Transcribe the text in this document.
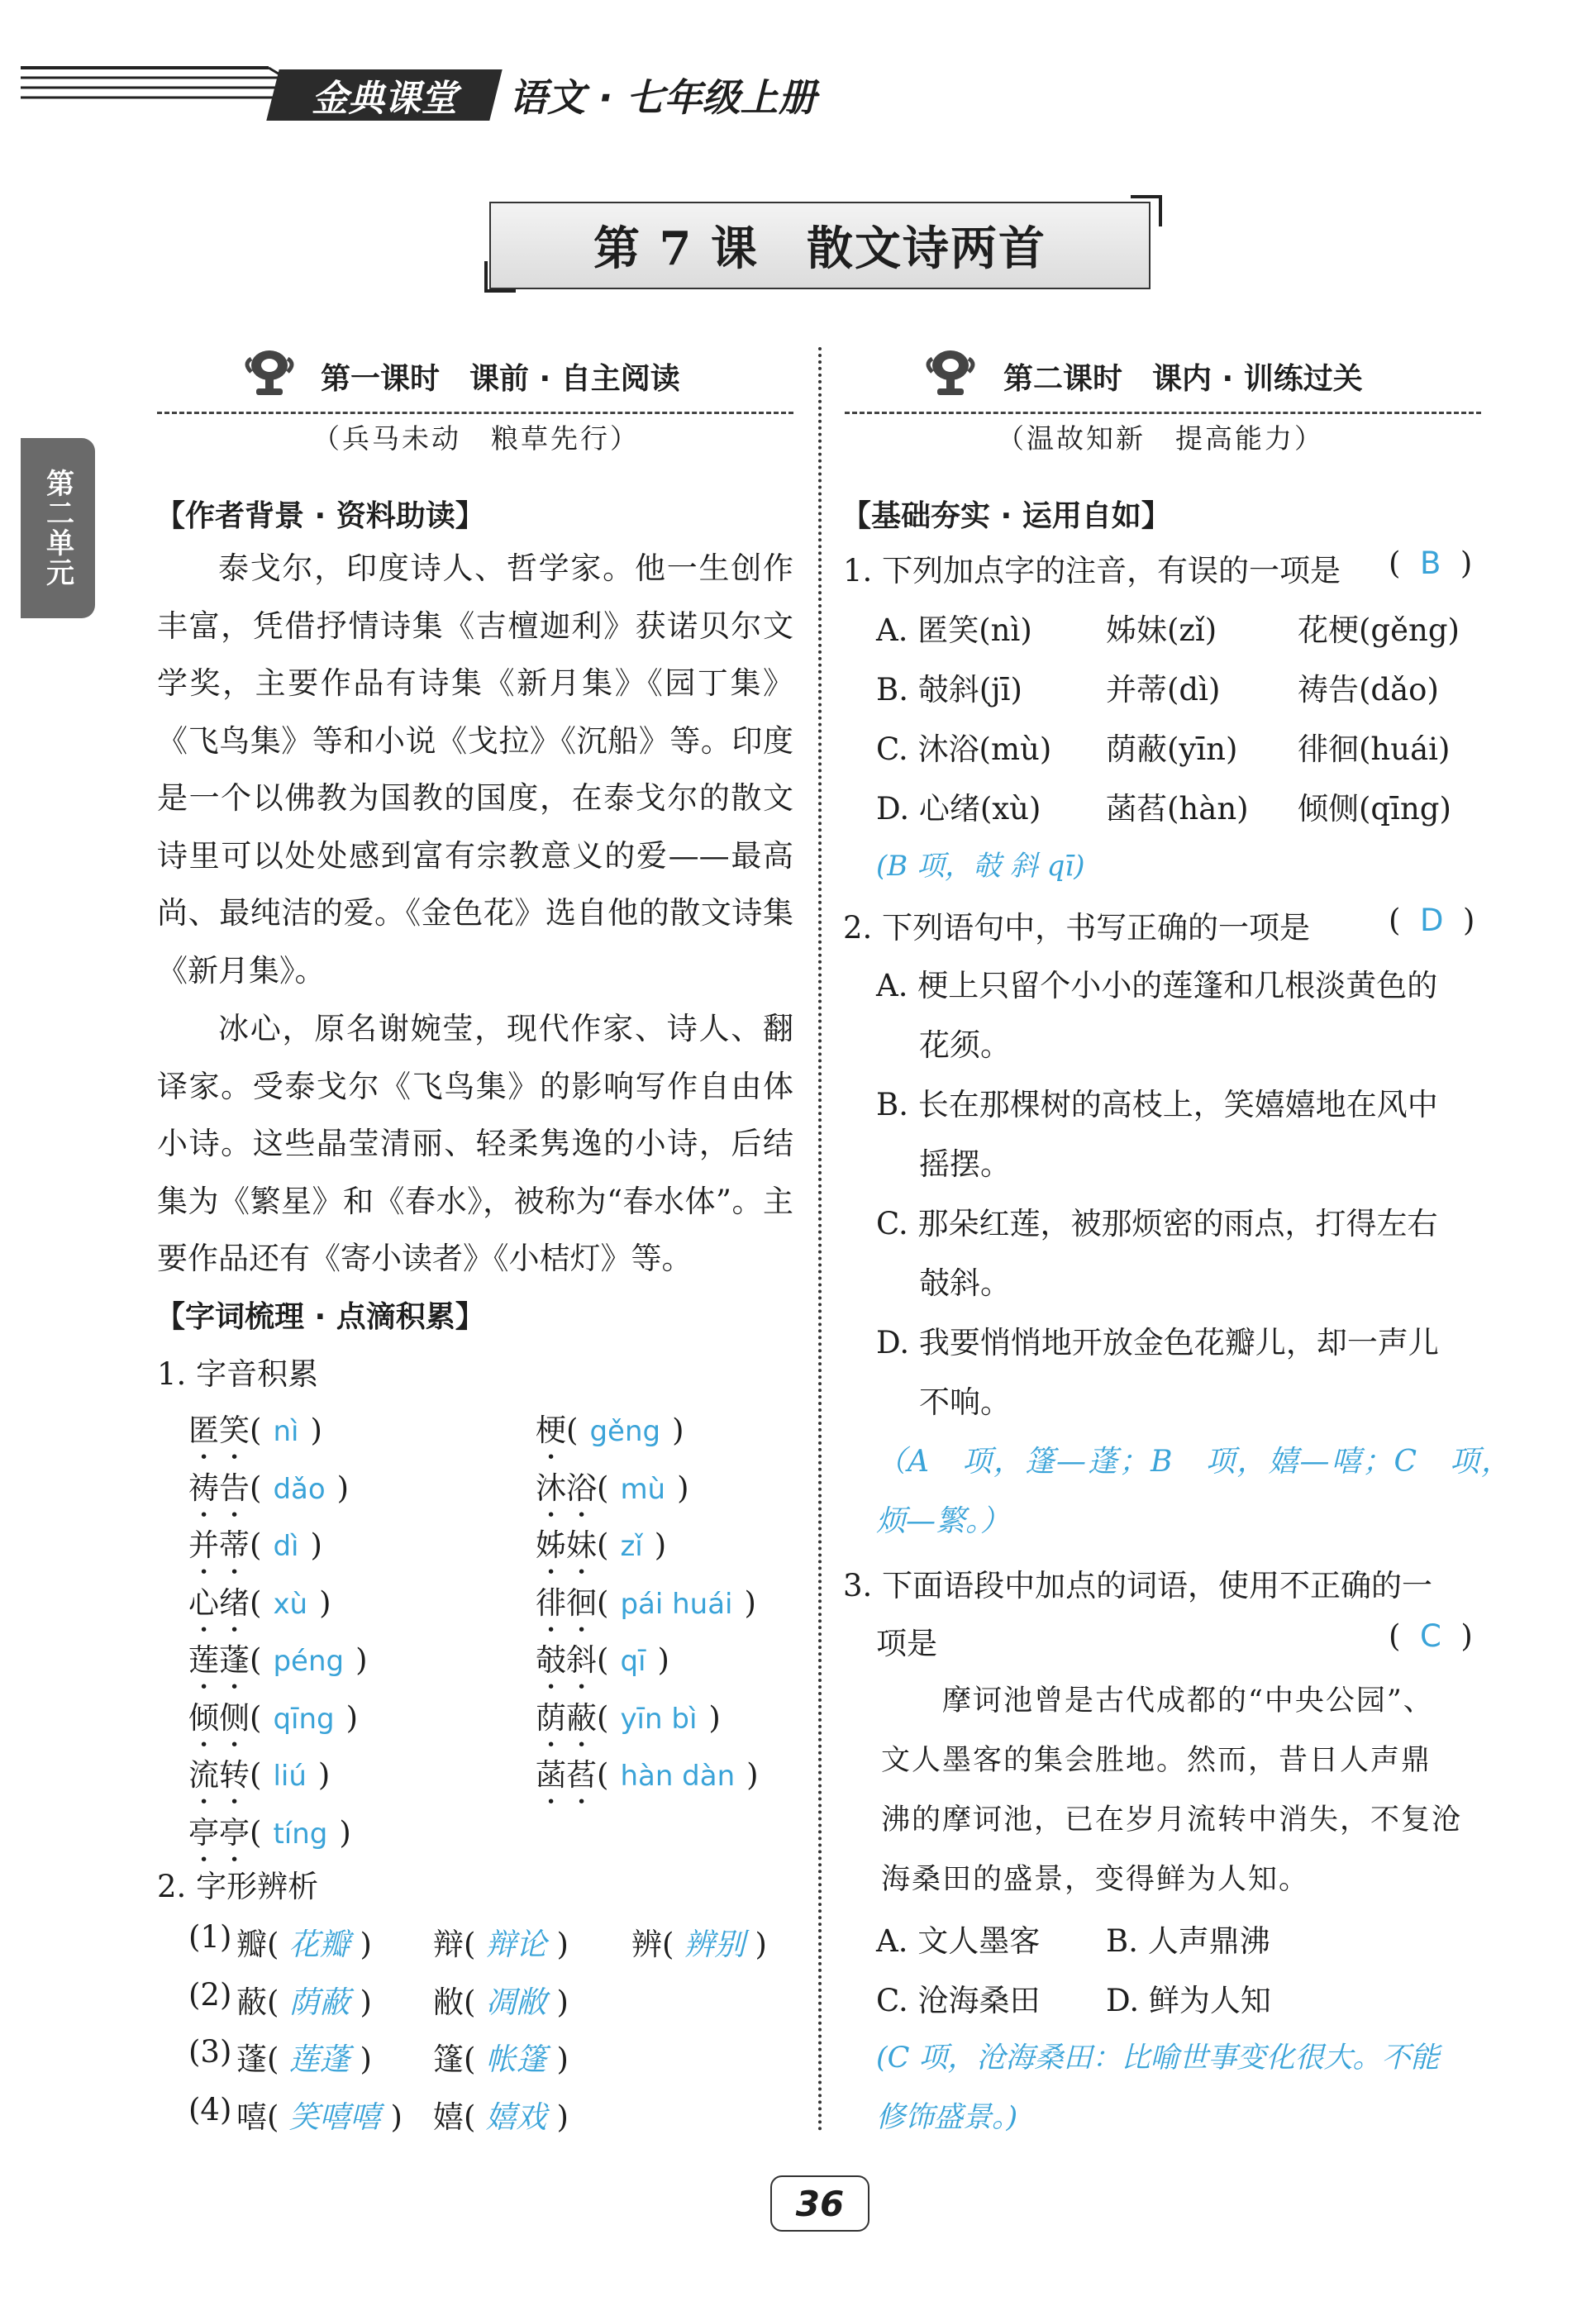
金典课堂 语文 · 七年级上册
第 7 课　散文诗两首
第二单元
第一课时　课前 · 自主阅读
（兵马未动　粮草先行）
【作者背景 · 资料助读】
泰戈尔，印度诗人、哲学家。他一生创作丰富，凭借抒情诗集《吉檀迦利》获诺贝尔文学奖，主要作品有诗集《新月集》《园丁集》《飞鸟集》等和小说《戈拉》《沉船》等。印度是一个以佛教为国教的国度，在泰戈尔的散文诗里可以处处感到富有宗教意义的爱——最高尚、最纯洁的爱。《金色花》选自他的散文诗集《新月集》。
冰心，原名谢婉莹，现代作家、诗人、翻译家。受泰戈尔《飞鸟集》的影响写作自由体小诗。这些晶莹清丽、轻柔隽逸的小诗，后结集为《繁星》和《春水》，被称为“春水体”。主要作品还有《寄小读者》《小桔灯》等。
【字词梳理 · 点滴积累】
1. 字音积累
匿笑( nì )	梗( gěng )
祷告( dǎo )	沐浴( mù )
并蒂( dì )	姊妹( zǐ )
心绪( xù )	徘徊( pái huái )
莲蓬( péng )	攲斜( qī )
倾侧( qīng )	荫蔽( yīn bì )
流转( liú )	菡萏( hàn dàn )
亭亭( tíng )
2. 字形辨析
(1) 瓣( 花瓣 ) 辩( 辩论 ) 辨( 辨别 )
(2) 蔽( 荫蔽 ) 敝( 凋敝 )
(3) 蓬( 莲蓬 ) 篷( 帐篷 )
(4) 嘻( 笑嘻嘻 ) 嬉( 嬉戏 )
第二课时　课内 · 训练过关
（温故知新　提高能力）
【基础夯实 · 运用自如】
1. 下列加点字的注音，有误的一项是 (  B  )
A. 匿笑(nì) 姊妹(zǐ)	花梗(gěng)
B. 攲斜(jī)	并蒂(dì)	祷告(dǎo)
C. 沐浴(mù) 荫蔽(yīn) 徘徊(huái)
D. 心绪(xù) 菡萏(hàn) 倾侧(qīng)
(B 项，攲 斜 qī)
2. 下列语句中，书写正确的一项是	(  D  )
A. 梗上只留个小小的莲篷和几根淡黄色的
花须。
B. 长在那棵树的高枝上，笑嬉嬉地在风中
摇摆。
C. 那朵红莲，被那烦密的雨点，打得左右
攲斜。
D. 我要悄悄地开放金色花瓣儿，却一声儿
不响。
（A　项，篷—蓬；B　项，嬉—嘻；C　项，
烦—繁。）
3. 下面语段中加点的词语，使用不正确的一
项是	(  C  )
摩诃池曾是古代成都的“中央公园”、
文人墨客的集会胜地。然而，昔日人声鼎
沸的摩诃池，已在岁月流转中消失，不复沧
海桑田的盛景，变得鲜为人知。
A. 文人墨客 B. 人声鼎沸
C. 沧海桑田 D. 鲜为人知
(C 项，沧海桑田：比喻世事变化很大。不能
修饰盛景。)
36
